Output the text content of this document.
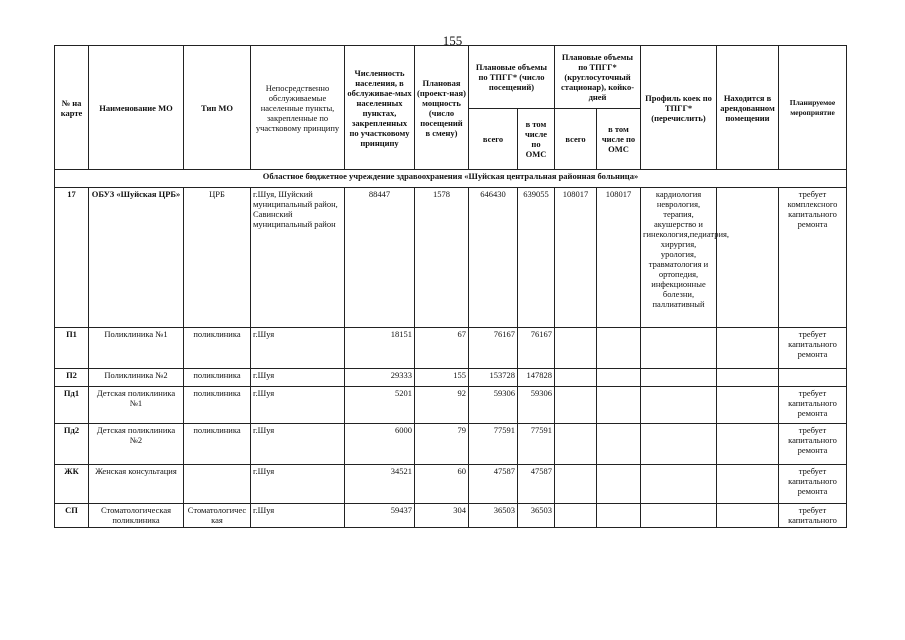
155
№ на карте	Наименование МО	Тип МО	Непосредственно обслуживаемые населенные пункты, закрепленные по участковому принципу	Численность населения, в обслуживае-мых населенных пунктах, закрепленных по участковому принципу	Плановая (проект-ная) мощность (число посещений в смену)	Плановые объемы по ТПГГ* (число посещений)		Плановые объемы по ТПГГ* (круглосуточный стационар), койко-дней		Профиль коек по ТПГГ* (перечислить)	Находится в арендованном помещении	Планируемое мероприятие
						всего	в том числе по ОМС	всего	в том числе по ОМС			
Областное бюджетное учреждение здравоохранения «Шуйская центральная районная больница»												
17	ОБУЗ «Шуйская ЦРБ»	ЦРБ	г.Шуя, Шуйский муниципальный район, Савинский муниципальный район	88447	1578	646430	639055	108017	108017	кардиология неврология, терапия, акушерство и гинекология,педиатрия, хирургия, урология, травматология и ортопедия, инфекционные болезни, паллиативный		требует комплексного капитального ремонта
П1	Поликлиника №1	поликлиника	г.Шуя	18151	67	76167	76167					требует капитального ремонта
П2	Поликлиника №2	поликлиника	г.Шуя	29333	155	153728	147828					
Пд1	Детская поликлиника №1	поликлиника	г.Шуя	5201	92	59306	59306					требует капитального ремонта
Пд2	Детская поликлиника №2	поликлиника	г.Шуя	6000	79	77591	77591					требует капитального ремонта
ЖК	Женская консультация		г.Шуя	34521	60	47587	47587					требует капитального ремонта
СП	Стоматологическая поликлиника	Стоматологическая	г.Шуя	59437	304	36503	36503					требует капитального
